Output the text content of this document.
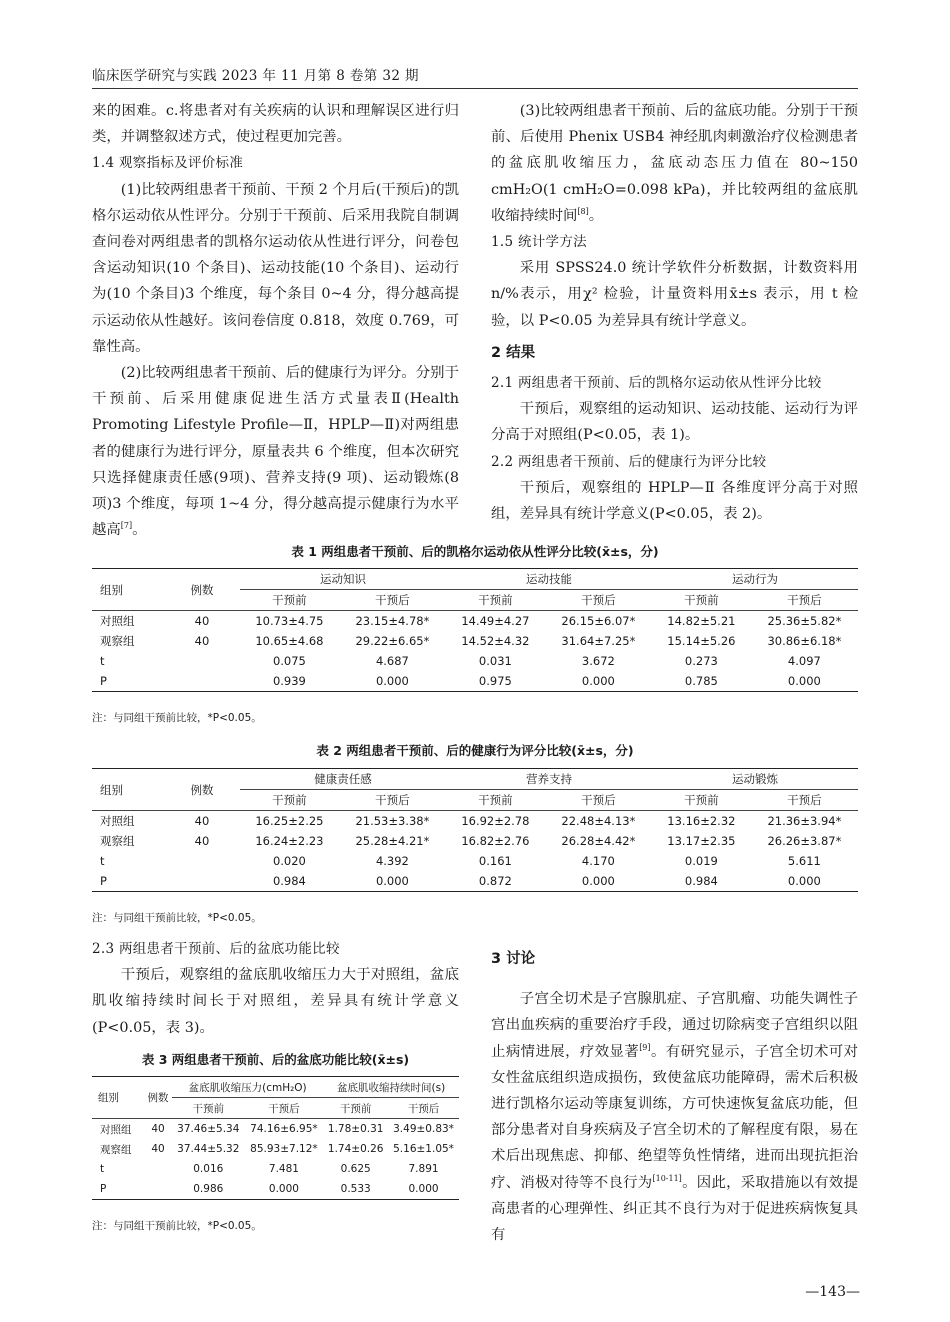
临床医学研究与实践 2023 年 11 月第 8 卷第 32 期

来的困难。c.将患者对有关疾病的认识和理解误区进行归类，并调整叙述方式，使过程更加完善。

1.4 观察指标及评价标准

(1)比较两组患者干预前、干预 2 个月后(干预后)的凯格尔运动依从性评分。分别于干预前、后采用我院自制调查问卷对两组患者的凯格尔运动依从性进行评分，问卷包含运动知识(10 个条目)、运动技能(10 个条目)、运动行为(10 个条目)3 个维度，每个条目 0~4 分，得分越高提示运动依从性越好。该问卷信度 0.818，效度 0.769，可靠性高。

(2)比较两组患者干预前、后的健康行为评分。分别于干预前、后采用健康促进生活方式量表Ⅱ(Health Promoting Lifestyle Profile—Ⅱ，HPLP—Ⅱ)对两组患者的健康行为进行评分，原量表共 6 个维度，但本次研究只选择健康责任感(9项)、营养支持(9 项)、运动锻炼(8 项)3 个维度，每项 1~4 分，得分越高提示健康行为水平越高[7]。

(3)比较两组患者干预前、后的盆底功能。分别于干预前、后使用 Phenix USB4 神经肌肉刺激治疗仪检测患者的盆底肌收缩压力，盆底动态压力值在 80~150 cmH₂O(1 cmH₂O=0.098 kPa)，并比较两组的盆底肌收缩持续时间[8]。

1.5 统计学方法

采用 SPSS24.0 统计学软件分析数据，计数资料用 n/%表示，用χ² 检验，计量资料用x̄±s 表示，用 t 检验，以 P<0.05 为差异具有统计学意义。

2 结果

2.1 两组患者干预前、后的凯格尔运动依从性评分比较

干预后，观察组的运动知识、运动技能、运动行为评分高于对照组(P<0.05，表 1)。

2.2 两组患者干预前、后的健康行为评分比较

干预后，观察组的 HPLP—Ⅱ 各维度评分高于对照组，差异具有统计学意义(P<0.05，表 2)。

表 1 两组患者干预前、后的凯格尔运动依从性评分比较(x̄±s，分)
组别	例数	运动知识		运动技能		运动行为	
		干预前	干预后	干预前	干预后	干预前	干预后
对照组	40	10.73±4.75	23.15±4.78*	14.49±4.27	26.15±6.07*	14.82±5.21	25.36±5.82*
观察组	40	10.65±4.68	29.22±6.65*	14.52±4.32	31.64±7.25*	15.14±5.26	30.86±6.18*
t		0.075	4.687	0.031	3.672	0.273	4.097
P		0.939	0.000	0.975	0.000	0.785	0.000
注：与同组干预前比较，*P<0.05。
表 2 两组患者干预前、后的健康行为评分比较(x̄±s，分)
组别	例数	健康责任感		营养支持		运动锻炼	
		干预前	干预后	干预前	干预后	干预前	干预后
对照组	40	16.25±2.25	21.53±3.38*	16.92±2.78	22.48±4.13*	13.16±2.32	21.36±3.94*
观察组	40	16.24±2.23	25.28±4.21*	16.82±2.76	26.28±4.42*	13.17±2.35	26.26±3.87*
t		0.020	4.392	0.161	4.170	0.019	5.611
P		0.984	0.000	0.872	0.000	0.984	0.000
注：与同组干预前比较，*P<0.05。

2.3 两组患者干预前、后的盆底功能比较

干预后，观察组的盆底肌收缩压力大于对照组，盆底肌收缩持续时间长于对照组，差异具有统计学意义(P<0.05，表 3)。

表 3 两组患者干预前、后的盆底功能比较(x̄±s)
组别	例数	盆底肌收缩压力(cmH₂O)		盆底肌收缩持续时间(s)	
		干预前	干预后	干预前	干预后
对照组	40	37.46±5.34	74.16±6.95*	1.78±0.31	3.49±0.83*
观察组	40	37.44±5.32	85.93±7.12*	1.74±0.26	5.16±1.05*
t		0.016	7.481	0.625	7.891
P		0.986	0.000	0.533	0.000
注：与同组干预前比较，*P<0.05。

3 讨论

子宫全切术是子宫腺肌症、子宫肌瘤、功能失调性子宫出血疾病的重要治疗手段，通过切除病变子宫组织以阻止病情进展，疗效显著[9]。有研究显示，子宫全切术可对女性盆底组织造成损伤，致使盆底功能障碍，需术后积极进行凯格尔运动等康复训练，方可快速恢复盆底功能，但部分患者对自身疾病及子宫全切术的了解程度有限，易在术后出现焦虑、抑郁、绝望等负性情绪，进而出现抗拒治疗、消极对待等不良行为[10-11]。因此，采取措施以有效提高患者的心理弹性、纠正其不良行为对于促进疾病恢复具有

—143—
